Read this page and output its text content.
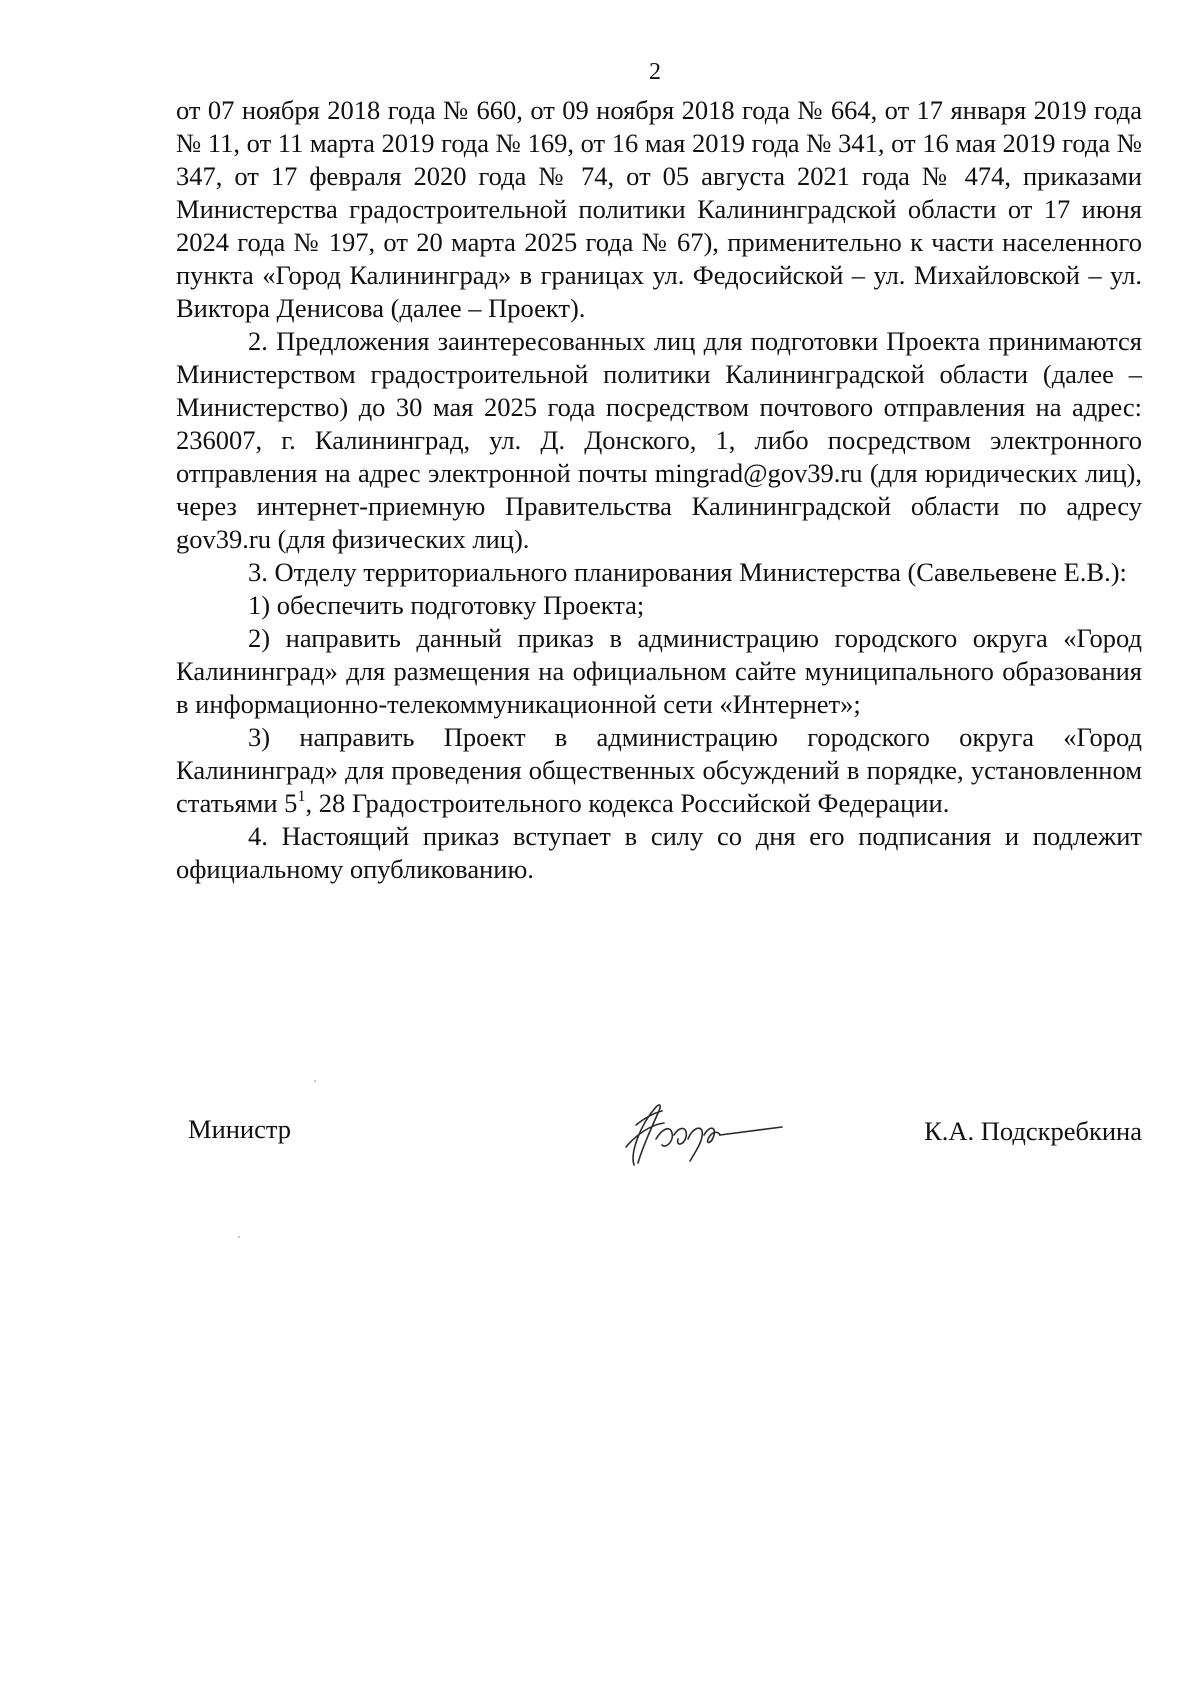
2

от 07 ноября 2018 года № 660, от 09 ноября 2018 года № 664, от 17 января 2019 года № 11, от 11 марта 2019 года № 169, от 16 мая 2019 года № 341, от 16 мая 2019 года № 347, от 17 февраля 2020 года № 74, от 05 августа 2021 года № 474, приказами Министерства градостроительной политики Калининградской области от 17 июня 2024 года № 197, от 20 марта 2025 года № 67), применительно к части населенного пункта «Город Калининград» в границах ул. Федосийской – ул. Михайловской – ул. Виктора Денисова (далее – Проект).

2. Предложения заинтересованных лиц для подготовки Проекта принимаются Министерством градостроительной политики Калининградской области (далее – Министерство) до 30 мая 2025 года посредством почтового отправления на адрес: 236007, г. Калининград, ул. Д. Донского, 1, либо посредством электронного отправления на адрес электронной почты mingrad@gov39.ru (для юридических лиц), через интернет-приемную Правительства Калининградской области по адресу gov39.ru (для физических лиц).

3. Отделу территориального планирования Министерства (Савельевене Е.В.):

1) обеспечить подготовку Проекта;

2) направить данный приказ в администрацию городского округа «Город Калининград» для размещения на официальном сайте муниципального образования в информационно-телекоммуникационной сети «Интернет»;

3) направить Проект в администрацию городского округа «Город Калининград» для проведения общественных обсуждений в порядке, установленном статьями $5^1$, 28 Градостроительного кодекса Российской Федерации.

4. Настоящий приказ вступает в силу со дня его подписания и подлежит официальному опубликованию.

Министр	К.А. Подскребкина
